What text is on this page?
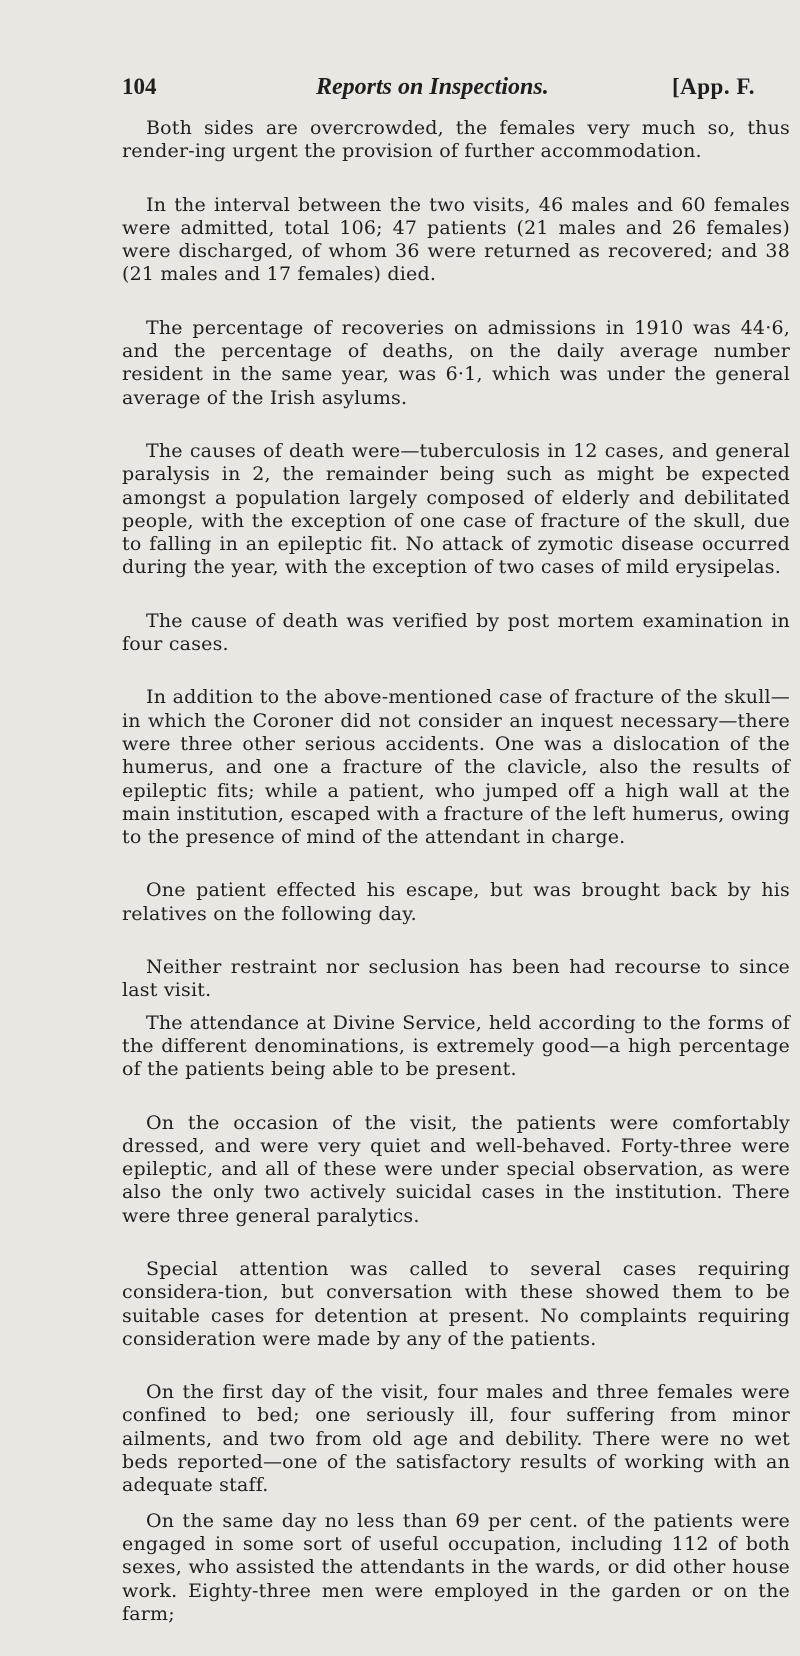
104	Reports on Inspections.	[App. F.

Both sides are overcrowded, the females very much so, thus render-ing urgent the provision of further accommodation.

In the interval between the two visits, 46 males and 60 females were admitted, total 106; 47 patients (21 males and 26 females) were discharged, of whom 36 were returned as recovered; and 38 (21 males and 17 females) died.

The percentage of recoveries on admissions in 1910 was 44·6, and the percentage of deaths, on the daily average number resident in the same year, was 6·1, which was under the general average of the Irish asylums.

The causes of death were—tuberculosis in 12 cases, and general paralysis in 2, the remainder being such as might be expected amongst a population largely composed of elderly and debilitated people, with the exception of one case of fracture of the skull, due to falling in an epileptic fit. No attack of zymotic disease occurred during the year, with the exception of two cases of mild erysipelas.

The cause of death was verified by post mortem examination in four cases.

In addition to the above-mentioned case of fracture of the skull—in which the Coroner did not consider an inquest necessary—there were three other serious accidents. One was a dislocation of the humerus, and one a fracture of the clavicle, also the results of epileptic fits; while a patient, who jumped off a high wall at the main institution, escaped with a fracture of the left humerus, owing to the presence of mind of the attendant in charge.

One patient effected his escape, but was brought back by his relatives on the following day.

Neither restraint nor seclusion has been had recourse to since last visit.

The attendance at Divine Service, held according to the forms of the different denominations, is extremely good—a high percentage of the patients being able to be present.

On the occasion of the visit, the patients were comfortably dressed, and were very quiet and well-behaved. Forty-three were epileptic, and all of these were under special observation, as were also the only two actively suicidal cases in the institution. There were three general paralytics.

Special attention was called to several cases requiring considera-tion, but conversation with these showed them to be suitable cases for detention at present. No complaints requiring consideration were made by any of the patients.

On the first day of the visit, four males and three females were confined to bed; one seriously ill, four suffering from minor ailments, and two from old age and debility. There were no wet beds reported—one of the satisfactory results of working with an adequate staff.

On the same day no less than 69 per cent. of the patients were engaged in some sort of useful occupation, including 112 of both sexes, who assisted the attendants in the wards, or did other house work. Eighty-three men were employed in the garden or on the farm;
